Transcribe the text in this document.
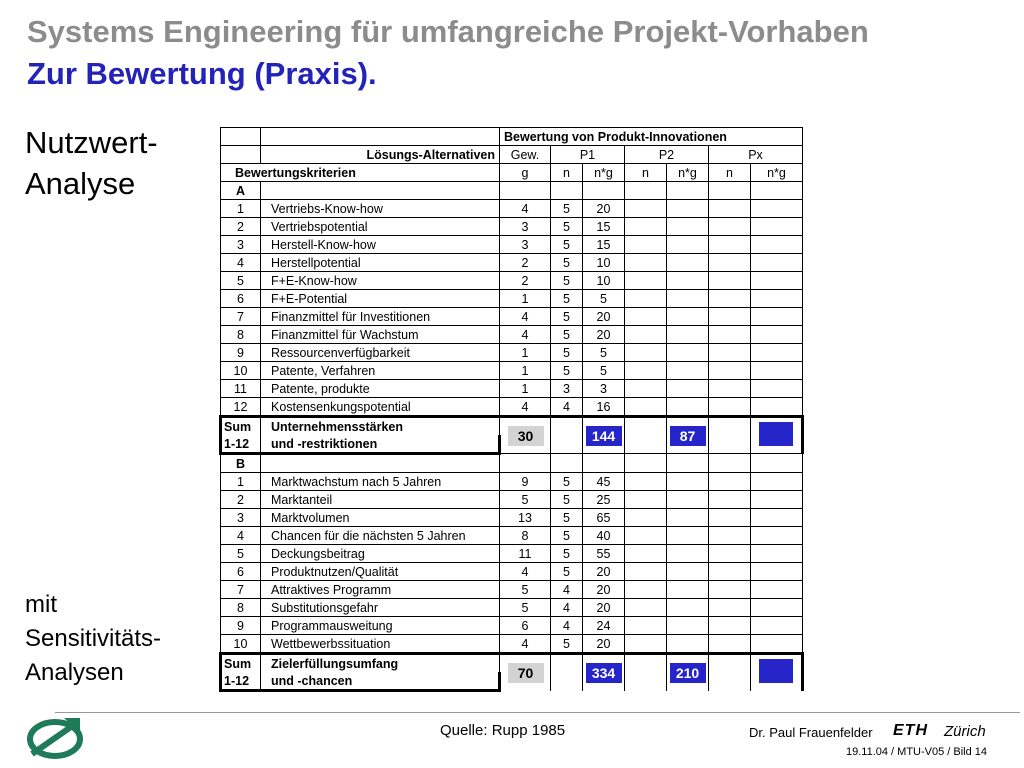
Systems Engineering für umfangreiche Projekt-Vorhaben
Zur Bewertung (Praxis).
Nutzwert-
Analyse
mit
Sensitivitäts-
Analysen
		Bewertung von Produkt-Innovationen						
	Lösungs-Alternativen	Gew.	P1		P2		Px	
Bewertungskriterien		g	n	n*g	n	n*g	n	n*g
A								
1	Vertriebs-Know-how	4	5	20				
2	Vertriebspotential	3	5	15				
3	Herstell-Know-how	3	5	15				
4	Herstellpotential	2	5	10				
5	F+E-Know-how	2	5	10				
6	F+E-Potential	1	5	5				
7	Finanzmittel für Investitionen	4	5	20				
8	Finanzmittel für Wachstum	4	5	20				
9	Ressourcenverfügbarkeit	1	5	5				
10	Patente, Verfahren	1	5	5				
11	Patente, produkte	1	3	3				
12	Kostensenkungspotential	4	4	16				
Sum	Unternehmensstärken	30		144		87		
1-12	und -restriktionen							
B								
1	Marktwachstum nach 5 Jahren	9	5	45				
2	Marktanteil	5	5	25				
3	Marktvolumen	13	5	65				
4	Chancen für die nächsten 5 Jahren	8	5	40				
5	Deckungsbeitrag	11	5	55				
6	Produktnutzen/Qualität	4	5	20				
7	Attraktives Programm	5	4	20				
8	Substitutionsgefahr	5	4	20				
9	Programmausweitung	6	4	24				
10	Wettbewerbssituation	4	5	20				
Sum	Zielerfüllungsumfang	70		334		210		
1-12	und -chancen							
Quelle: Rupp 1985	Dr. Paul Frauenfelder ETH Zürich
19.11.04 / MTU-V05 / Bild 14
